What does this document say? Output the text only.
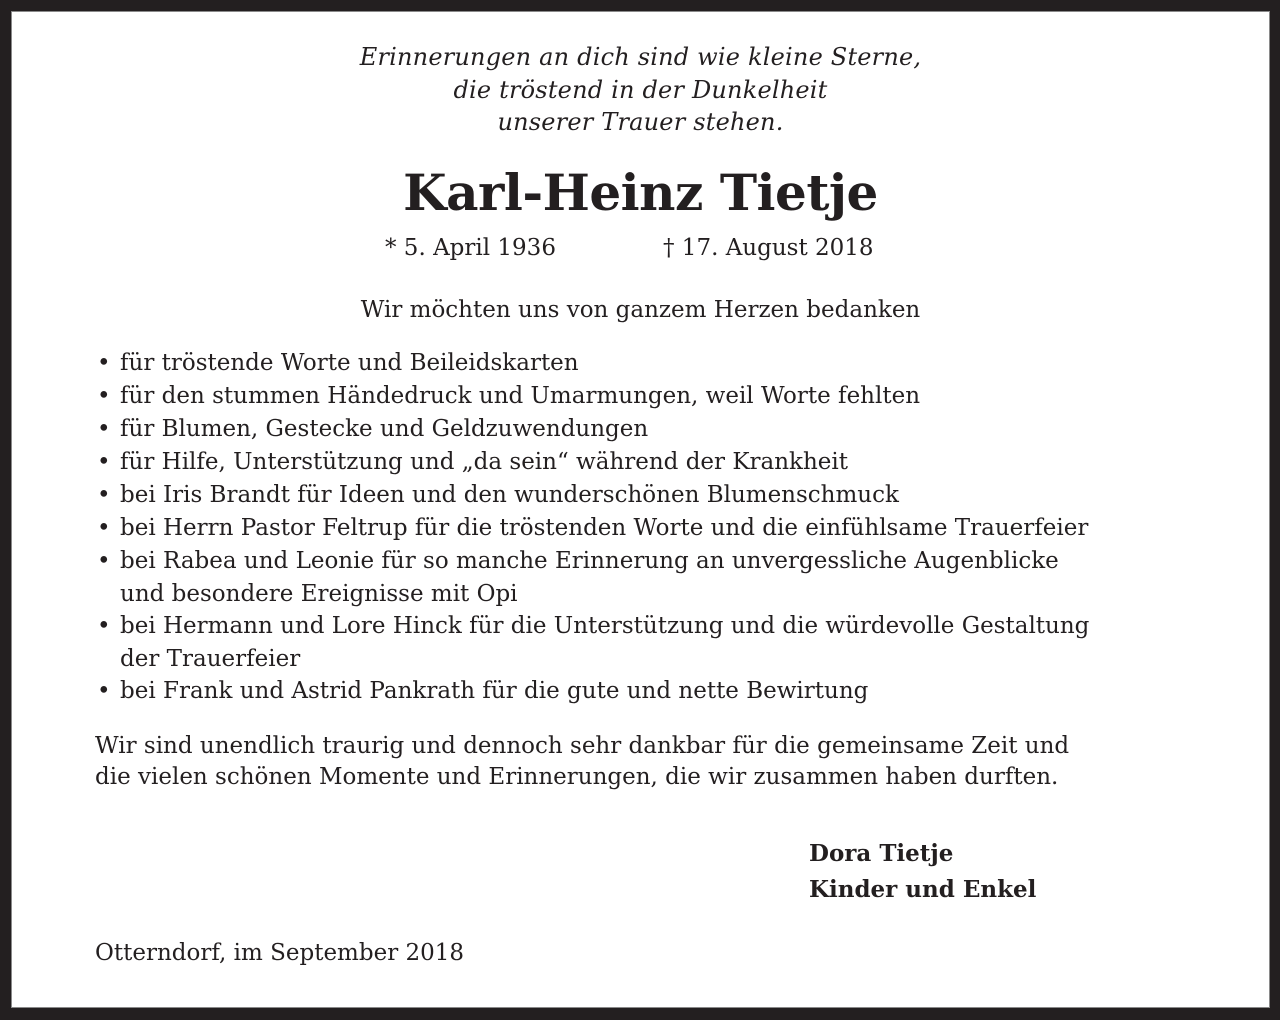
Erinnerungen an dich sind wie kleine Sterne,
die tröstend in der Dunkelheit
unserer Trauer stehen.
Karl-Heinz Tietje
* 5. April 1936	† 17. August 2018
Wir möchten uns von ganzem Herzen bedanken
• für tröstende Worte und Beileidskarten
• für den stummen Händedruck und Umarmungen, weil Worte fehlten
• für Blumen, Gestecke und Geldzuwendungen
• für Hilfe, Unterstützung und „da sein“ während der Krankheit
• bei Iris Brandt für Ideen und den wunderschönen Blumenschmuck
• bei Herrn Pastor Feltrup für die tröstenden Worte und die einfühlsame Trauerfeier
• bei Rabea und Leonie für so manche Erinnerung an unvergessliche Augenblicke
und besondere Ereignisse mit Opi
• bei Hermann und Lore Hinck für die Unterstützung und die würdevolle Gestaltung
der Trauerfeier
• bei Frank und Astrid Pankrath für die gute und nette Bewirtung
Wir sind unendlich traurig und dennoch sehr dankbar für die gemeinsame Zeit und
die vielen schönen Momente und Erinnerungen, die wir zusammen haben durften.
Dora Tietje
Kinder und Enkel
Otterndorf, im September 2018
